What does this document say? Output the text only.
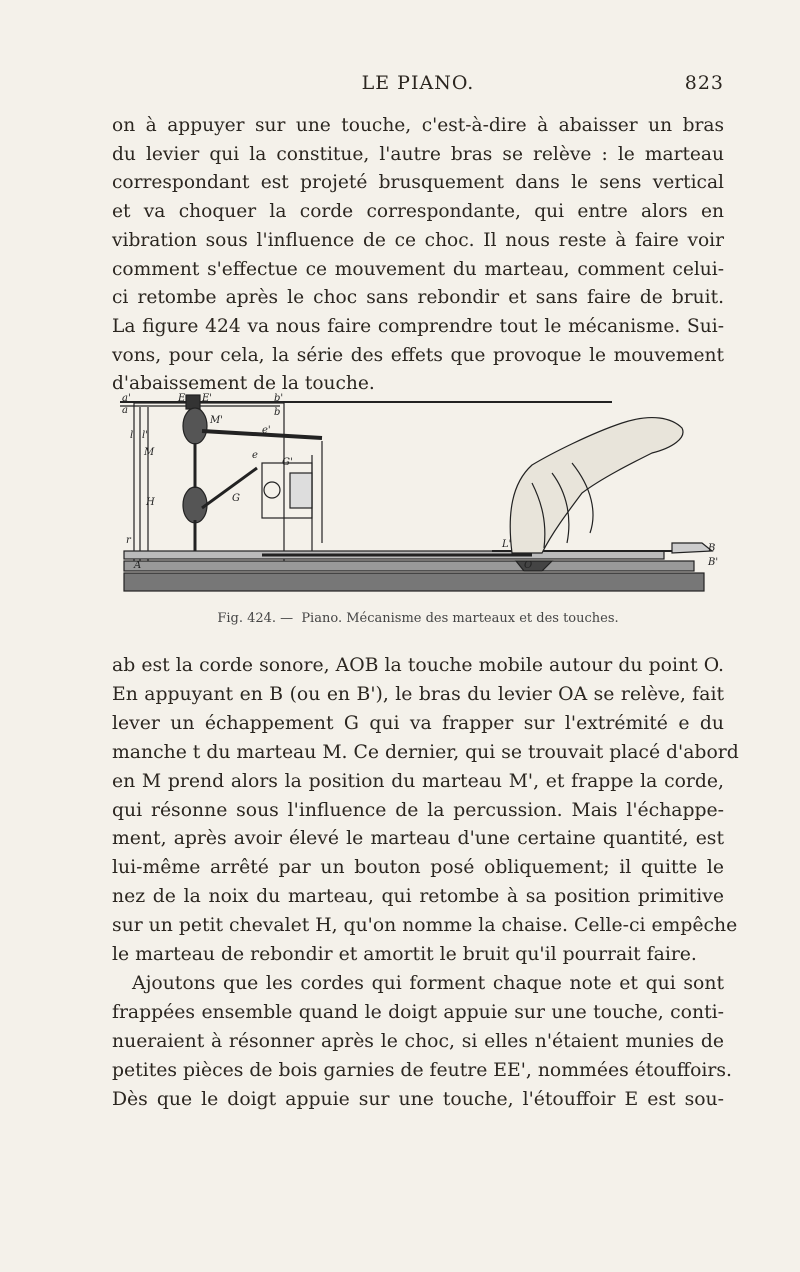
LE PIANO.	823
on à appuyer sur une touche, c'est-à-dire à abaisser un bras
du levier qui la constitue, l'autre bras se relève : le marteau
correspondant est projeté brusquement dans le sens vertical
et va choquer la corde correspondante, qui entre alors en
vibration sous l'influence de ce choc. Il nous reste à faire voir
comment s'effectue ce mouvement du marteau, comment celui-
ci retombe après le choc sans rebondir et sans faire de bruit.
La figure 424 va nous faire comprendre tout le mécanisme. Sui-
vons, pour cela, la série des effets que provoque le mouvement
d'abaissement de la touche.
a'	E E'	b'
a
M'
b
l l'	e'
M	e
G'
G
H
r
A	O
L'	B
B'
Fig. 424. — Piano. Mécanisme des marteaux et des touches.
ab est la corde sonore, AOB la touche mobile autour du point O.
En appuyant en B (ou en B'), le bras du levier OA se relève, fait
lever un échappement G qui va frapper sur l'extrémité e du
manche t du marteau M. Ce dernier, qui se trouvait placé d'abord
en M prend alors la position du marteau M', et frappe la corde,
qui résonne sous l'influence de la percussion. Mais l'échappe-
ment, après avoir élevé le marteau d'une certaine quantité, est
lui-même arrêté par un bouton posé obliquement; il quitte le
nez de la noix du marteau, qui retombe à sa position primitive
sur un petit chevalet H, qu'on nomme la chaise. Celle-ci empêche
le marteau de rebondir et amortit le bruit qu'il pourrait faire.
Ajoutons que les cordes qui forment chaque note et qui sont
frappées ensemble quand le doigt appuie sur une touche, conti-
nueraient à résonner après le choc, si elles n'étaient munies de
petites pièces de bois garnies de feutre EE', nommées étouffoirs.
Dès que le doigt appuie sur une touche, l'étouffoir E est sou-
